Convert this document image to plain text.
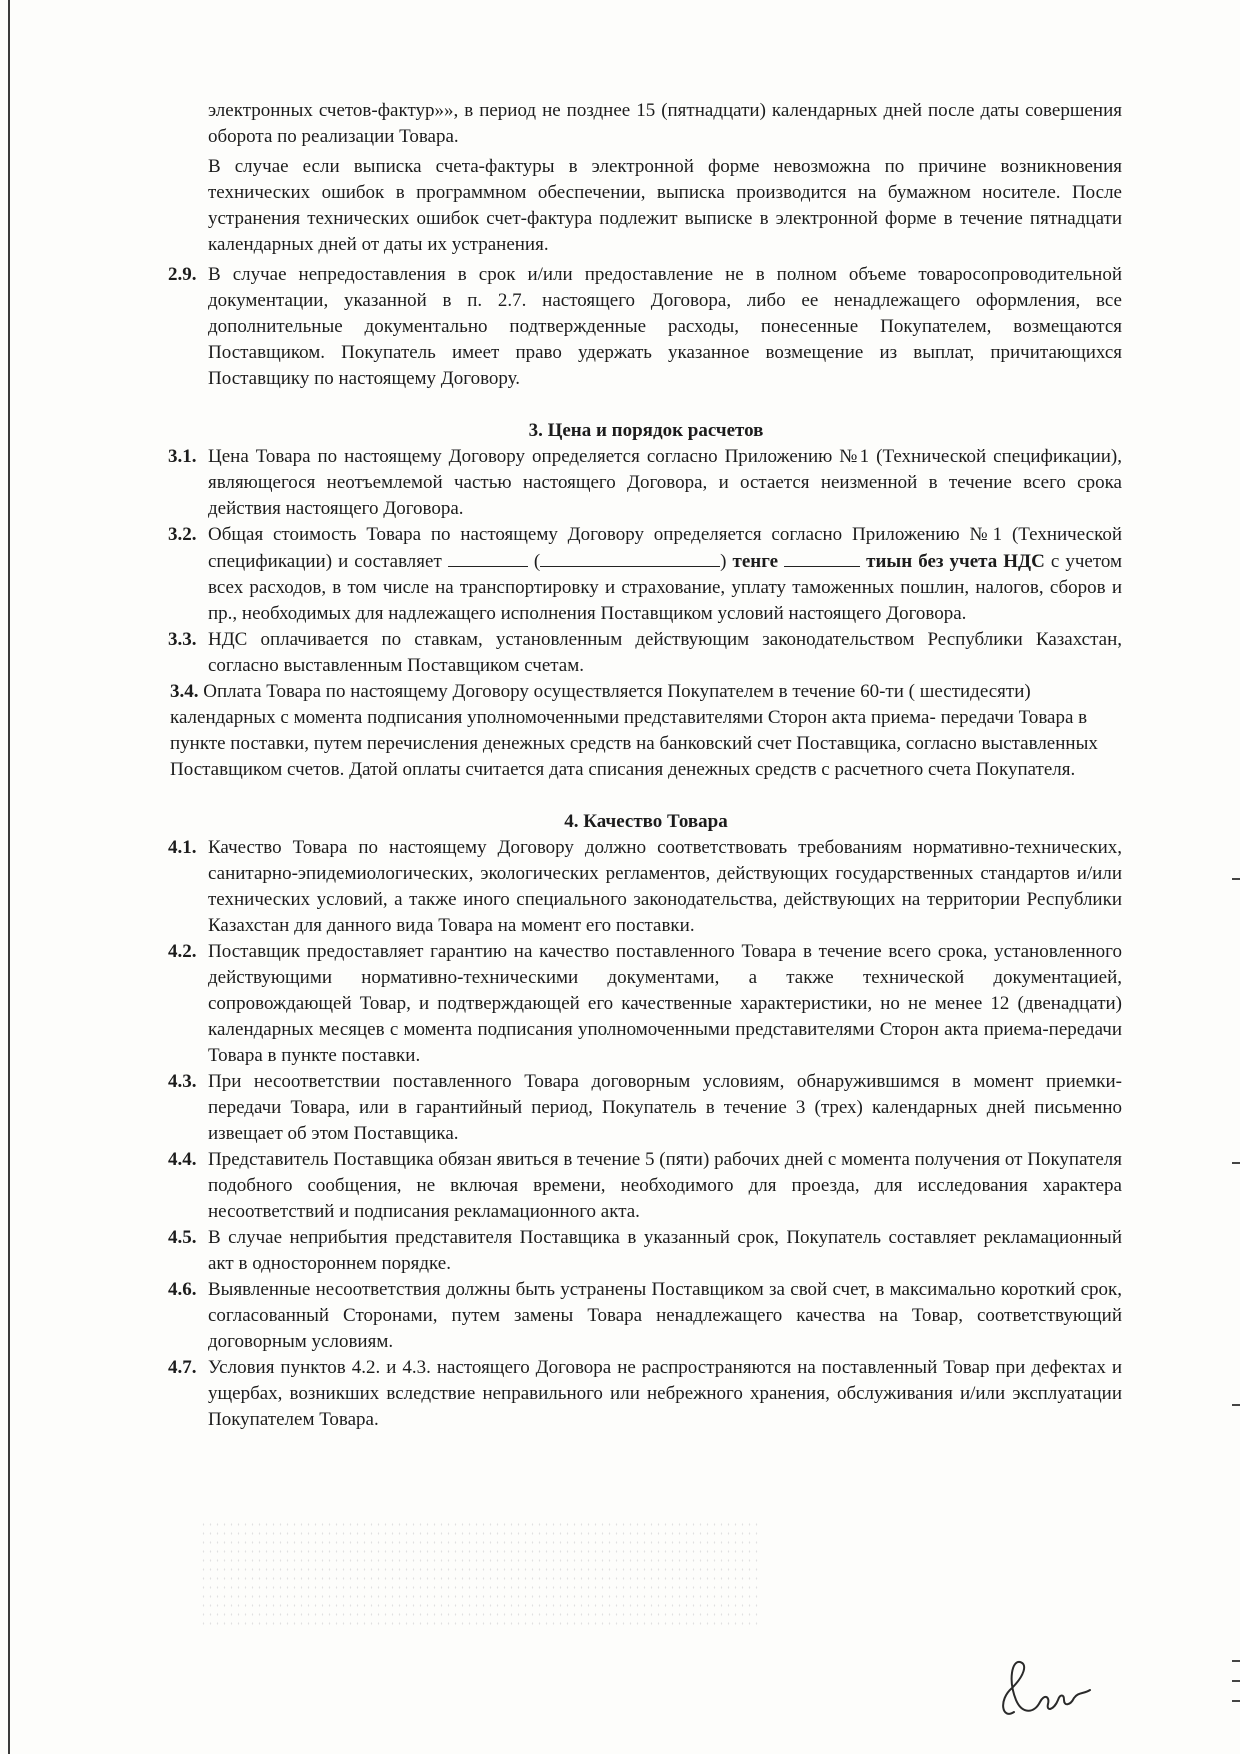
электронных счетов-фактур»», в период не позднее 15 (пятнадцати) календарных дней после даты совершения оборота по реализации Товара.

В случае если выписка счета-фактуры в электронной форме невозможна по причине возникновения технических ошибок в программном обеспечении, выписка производится на бумажном носителе. После устранения технических ошибок счет-фактура подлежит выписке в электронной форме в течение пятнадцати календарных дней от даты их устранения.

2.9. В случае непредоставления в срок и/или предоставление не в полном объеме товаросопроводительной документации, указанной в п. 2.7. настоящего Договора, либо ее ненадлежащего оформления, все дополнительные документально подтвержденные расходы, понесенные Покупателем, возмещаются Поставщиком. Покупатель имеет право удержать указанное возмещение из выплат, причитающихся Поставщику по настоящему Договору.

3. Цена и порядок расчетов

3.1. Цена Товара по настоящему Договору определяется согласно Приложению №1 (Технической спецификации), являющегося неотъемлемой частью настоящего Договора, и остается неизменной в течение всего срока действия настоящего Договора.
3.2. Общая стоимость Товара по настоящему Договору определяется согласно Приложению №1 (Технической спецификации) и составляет	(	) тенге	тиын без учета НДС с учетом всех расходов, в том числе на транспортировку и страхование, уплату таможенных пошлин, налогов, сборов и пр., необходимых для надлежащего исполнения Поставщиком условий настоящего Договора.
3.3. НДС оплачивается по ставкам, установленным действующим законодательством Республики Казахстан, согласно выставленным Поставщиком счетам.
3.4. Оплата Товара по настоящему Договору осуществляется Покупателем в течение 60-ти ( шестидесяти) календарных с момента подписания уполномоченными представителями Сторон акта приема- передачи Товара в пункте поставки, путем перечисления денежных средств на банковский счет Поставщика, согласно выставленных Поставщиком счетов. Датой оплаты считается дата списания денежных средств с расчетного счета Покупателя.

4. Качество Товара

4.1. Качество Товара по настоящему Договору должно соответствовать требованиям нормативно-технических, санитарно-эпидемиологических, экологических регламентов, действующих государственных стандартов и/или технических условий, а также иного специального законодательства, действующих на территории Республики Казахстан для данного вида Товара на момент его поставки.
4.2. Поставщик предоставляет гарантию на качество поставленного Товара в течение всего срока, установленного действующими нормативно-техническими документами, а также технической документацией, сопровождающей Товар, и подтверждающей его качественные характеристики, но не менее 12 (двенадцати) календарных месяцев с момента подписания уполномоченными представителями Сторон акта приема-передачи Товара в пункте поставки.
4.3. При несоответствии поставленного Товара договорным условиям, обнаружившимся в момент приемки-передачи Товара, или в гарантийный период, Покупатель в течение 3 (трех) календарных дней письменно извещает об этом Поставщика.
4.4. Представитель Поставщика обязан явиться в течение 5 (пяти) рабочих дней с момента получения от Покупателя подобного сообщения, не включая времени, необходимого для проезда, для исследования характера несоответствий и подписания рекламационного акта.
4.5. В случае неприбытия представителя Поставщика в указанный срок, Покупатель составляет рекламационный акт в одностороннем порядке.
4.6. Выявленные несоответствия должны быть устранены Поставщиком за свой счет, в максимально короткий срок, согласованный Сторонами, путем замены Товара ненадлежащего качества на Товар, соответствующий договорным условиям.
4.7. Условия пунктов 4.2. и 4.3. настоящего Договора не распространяются на поставленный Товар при дефектах и ущербах, возникших вследствие неправильного или небрежного хранения, обслуживания и/или эксплуатации Покупателем Товара.
